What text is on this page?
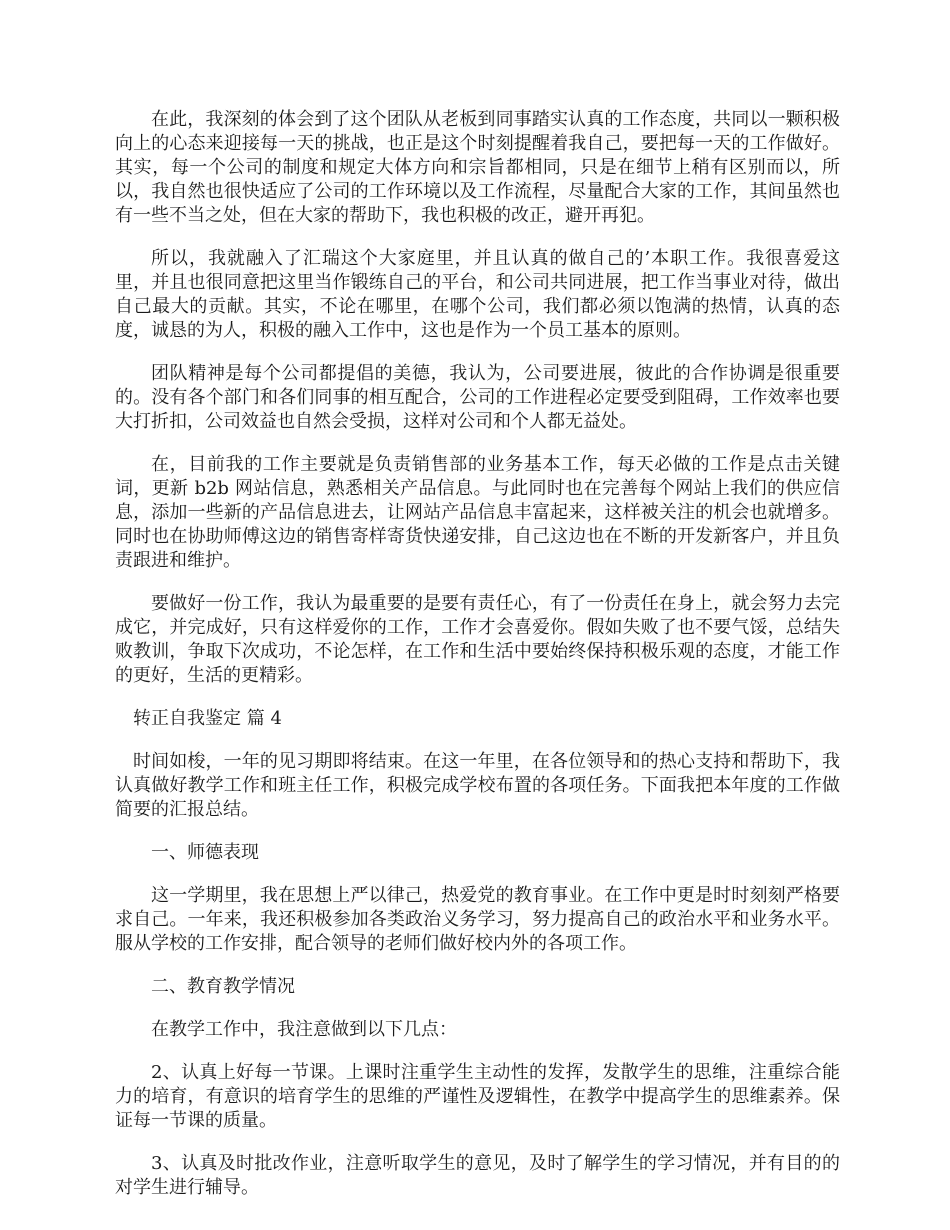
在此，我深刻的体会到了这个团队从老板到同事踏实认真的工作态度，共同以一颗积极向上的心态来迎接每一天的挑战，也正是这个时刻提醒着我自己，要把每一天的工作做好。其实，每一个公司的制度和规定大体方向和宗旨都相同，只是在细节上稍有区别而以，所以，我自然也很快适应了公司的工作环境以及工作流程，尽量配合大家的工作，其间虽然也有一些不当之处，但在大家的帮助下，我也积极的改正，避开再犯。

所以，我就融入了汇瑞这个大家庭里，并且认真的做自己的’本职工作。我很喜爱这里，并且也很同意把这里当作锻练自己的平台，和公司共同进展，把工作当事业对待，做出自己最大的贡献。其实，不论在哪里，在哪个公司，我们都必须以饱满的热情，认真的态度，诚恳的为人，积极的融入工作中，这也是作为一个员工基本的原则。

团队精神是每个公司都提倡的美德，我认为，公司要进展，彼此的合作协调是很重要的。没有各个部门和各们同事的相互配合，公司的工作进程必定要受到阻碍，工作效率也要大打折扣，公司效益也自然会受损，这样对公司和个人都无益处。

在，目前我的工作主要就是负责销售部的业务基本工作，每天必做的工作是点击关键词，更新 b2b 网站信息，熟悉相关产品信息。与此同时也在完善每个网站上我们的供应信息，添加一些新的产品信息进去，让网站产品信息丰富起来，这样被关注的机会也就增多。同时也在协助师傅这边的销售寄样寄货快递安排，自己这边也在不断的开发新客户，并且负责跟进和维护。

要做好一份工作，我认为最重要的是要有责任心，有了一份责任在身上，就会努力去完成它，并完成好，只有这样爱你的工作，工作才会喜爱你。假如失败了也不要气馁，总结失败教训，争取下次成功，不论怎样，在工作和生活中要始终保持积极乐观的态度，才能工作的更好，生活的更精彩。

转正自我鉴定 篇 4

时间如梭，一年的见习期即将结束。在这一年里，在各位领导和的热心支持和帮助下，我认真做好教学工作和班主任工作，积极完成学校布置的各项任务。下面我把本年度的工作做简要的汇报总结。

一、师德表现

这一学期里，我在思想上严以律己，热爱党的教育事业。在工作中更是时时刻刻严格要求自己。一年来，我还积极参加各类政治义务学习，努力提高自己的政治水平和业务水平。服从学校的工作安排，配合领导的老师们做好校内外的各项工作。

二、教育教学情况

在教学工作中，我注意做到以下几点：

2、认真上好每一节课。上课时注重学生主动性的发挥，发散学生的思维，注重综合能力的培育，有意识的培育学生的思维的严谨性及逻辑性，在教学中提高学生的思维素养。保证每一节课的质量。

3、认真及时批改作业，注意听取学生的意见，及时了解学生的学习情况，并有目的的对学生进行辅导。
